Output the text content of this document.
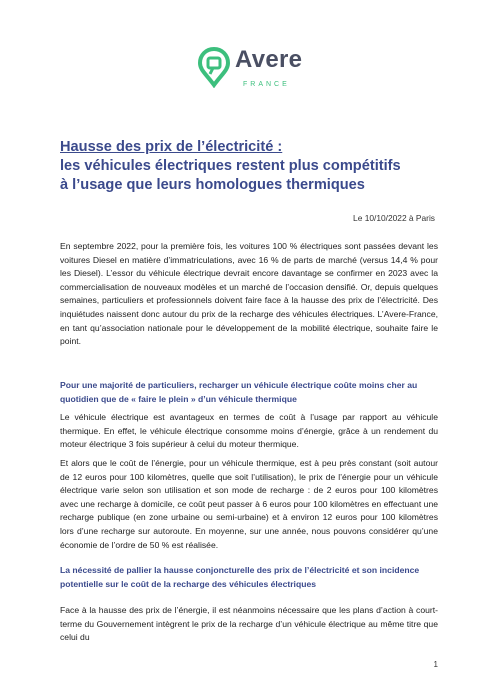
Avere
FRANCE
Hausse des prix de l’électricité :
les véhicules électriques restent plus compétitifs
à l’usage que leurs homologues thermiques
Le 10/10/2022 à Paris
En septembre 2022, pour la première fois, les voitures 100 % électriques sont passées devant les voitures Diesel en matière d’immatriculations, avec 16 % de parts de marché (versus 14,4 % pour les Diesel). L’essor du véhicule électrique devrait encore davantage se confirmer en 2023 avec la commercialisation de nouveaux modèles et un marché de l’occasion densifié. Or, depuis quelques semaines, particuliers et professionnels doivent faire face à la hausse des prix de l’électricité. Des inquiétudes naissent donc autour du prix de la recharge des véhicules électriques. L’Avere-France, en tant qu’association nationale pour le développement de la mobilité électrique, souhaite faire le point.
Pour une majorité de particuliers, recharger un véhicule électrique coûte moins cher au quotidien que de « faire le plein » d’un véhicule thermique
Le véhicule électrique est avantageux en termes de coût à l’usage par rapport au véhicule thermique. En effet, le véhicule électrique consomme moins d’énergie, grâce à un rendement du moteur électrique 3 fois supérieur à celui du moteur thermique.
Et alors que le coût de l’énergie, pour un véhicule thermique, est à peu près constant (soit autour de 12 euros pour 100 kilomètres, quelle que soit l’utilisation), le prix de l’énergie pour un véhicule électrique varie selon son utilisation et son mode de recharge : de 2 euros pour 100 kilomètres avec une recharge à domicile, ce coût peut passer à 6 euros pour 100 kilomètres en effectuant une recharge publique (en zone urbaine ou semi-urbaine) et à environ 12 euros pour 100 kilomètres lors d’une recharge sur autoroute. En moyenne, sur une année, nous pouvons considérer qu’une économie de l’ordre de 50 % est réalisée.
La nécessité de pallier la hausse conjoncturelle des prix de l’électricité et son incidence potentielle sur le coût de la recharge des véhicules électriques
Face à la hausse des prix de l’énergie, il est néanmoins nécessaire que les plans d’action à court-terme du Gouvernement intègrent le prix de la recharge d’un véhicule électrique au même titre que celui du
1
